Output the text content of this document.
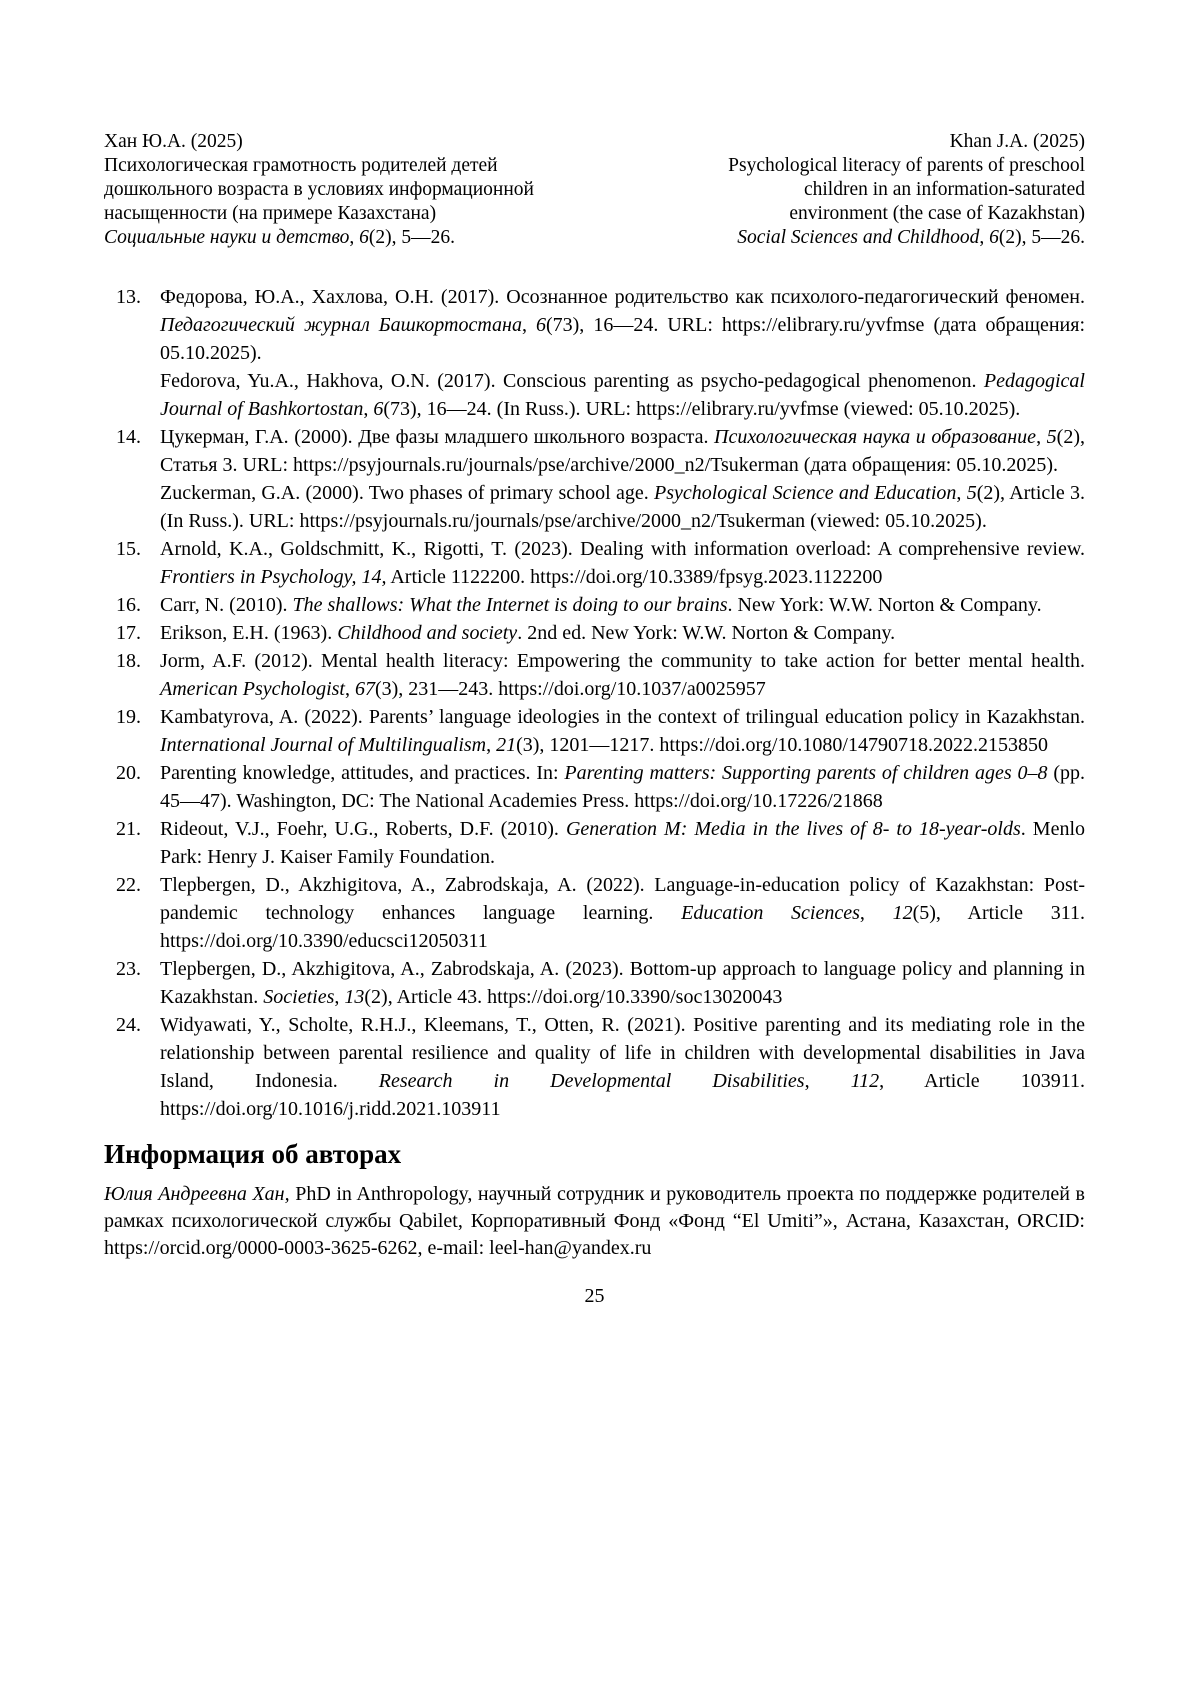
Хан Ю.А. (2025)
Психологическая грамотность родителей детей
дошкольного возраста в условиях информационной
насыщенности (на примере Казахстана)
Социальные науки и детство, 6(2), 5—26.
Khan J.A. (2025)
Psychological literacy of parents of preschool
children in an information-saturated
environment (the case of Kazakhstan)
Social Sciences and Childhood, 6(2), 5—26.
13. Федорова, Ю.А., Хахлова, О.Н. (2017). Осознанное родительство как психолого-педагогический феномен. Педагогический журнал Башкортостана, 6(73), 16—24. URL: https://elibrary.ru/yvfmse (дата обращения: 05.10.2025).
Fedorova, Yu.A., Hakhova, O.N. (2017). Conscious parenting as psycho-pedagogical phenomenon. Pedagogical Journal of Bashkortostan, 6(73), 16—24. (In Russ.). URL: https://elibrary.ru/yvfmse (viewed: 05.10.2025).
14. Цукерман, Г.А. (2000). Две фазы младшего школьного возраста. Психологическая наука и образование, 5(2), Статья 3. URL: https://psyjournals.ru/journals/pse/archive/2000_n2/Tsukerman (дата обращения: 05.10.2025).
Zuckerman, G.A. (2000). Two phases of primary school age. Psychological Science and Education, 5(2), Article 3. (In Russ.). URL: https://psyjournals.ru/journals/pse/archive/2000_n2/Tsukerman (viewed: 05.10.2025).
15. Arnold, K.A., Goldschmitt, K., Rigotti, T. (2023). Dealing with information overload: A comprehensive review. Frontiers in Psychology, 14, Article 1122200. https://doi.org/10.3389/fpsyg.2023.1122200
16. Carr, N. (2010). The shallows: What the Internet is doing to our brains. New York: W.W. Norton & Company.
17. Erikson, E.H. (1963). Childhood and society. 2nd ed. New York: W.W. Norton & Company.
18. Jorm, A.F. (2012). Mental health literacy: Empowering the community to take action for better mental health. American Psychologist, 67(3), 231—243. https://doi.org/10.1037/a0025957
19. Kambatyrova, A. (2022). Parents’ language ideologies in the context of trilingual education policy in Kazakhstan. International Journal of Multilingualism, 21(3), 1201—1217. https://doi.org/10.1080/14790718.2022.2153850
20. Parenting knowledge, attitudes, and practices. In: Parenting matters: Supporting parents of children ages 0–8 (pp. 45—47). Washington, DC: The National Academies Press. https://doi.org/10.17226/21868
21. Rideout, V.J., Foehr, U.G., Roberts, D.F. (2010). Generation M: Media in the lives of 8- to 18-year-olds. Menlo Park: Henry J. Kaiser Family Foundation.
22. Tlepbergen, D., Akzhigitova, A., Zabrodskaja, A. (2022). Language-in-education policy of Kazakhstan: Post-pandemic technology enhances language learning. Education Sciences, 12(5), Article 311. https://doi.org/10.3390/educsci12050311
23. Tlepbergen, D., Akzhigitova, A., Zabrodskaja, A. (2023). Bottom-up approach to language policy and planning in Kazakhstan. Societies, 13(2), Article 43. https://doi.org/10.3390/soc13020043
24. Widyawati, Y., Scholte, R.H.J., Kleemans, T., Otten, R. (2021). Positive parenting and its mediating role in the relationship between parental resilience and quality of life in children with developmental disabilities in Java Island, Indonesia. Research in Developmental Disabilities, 112, Article 103911. https://doi.org/10.1016/j.ridd.2021.103911
Информация об авторах

Юлия Андреевна Хан, PhD in Anthropology, научный сотрудник и руководитель проекта по поддержке родителей в рамках психологической службы Qabilet, Корпоративный Фонд «Фонд “El Umiti”», Астана, Казахстан, ORCID: https://orcid.org/0000-0003-3625-6262, e-mail: leel-han@yandex.ru

25
